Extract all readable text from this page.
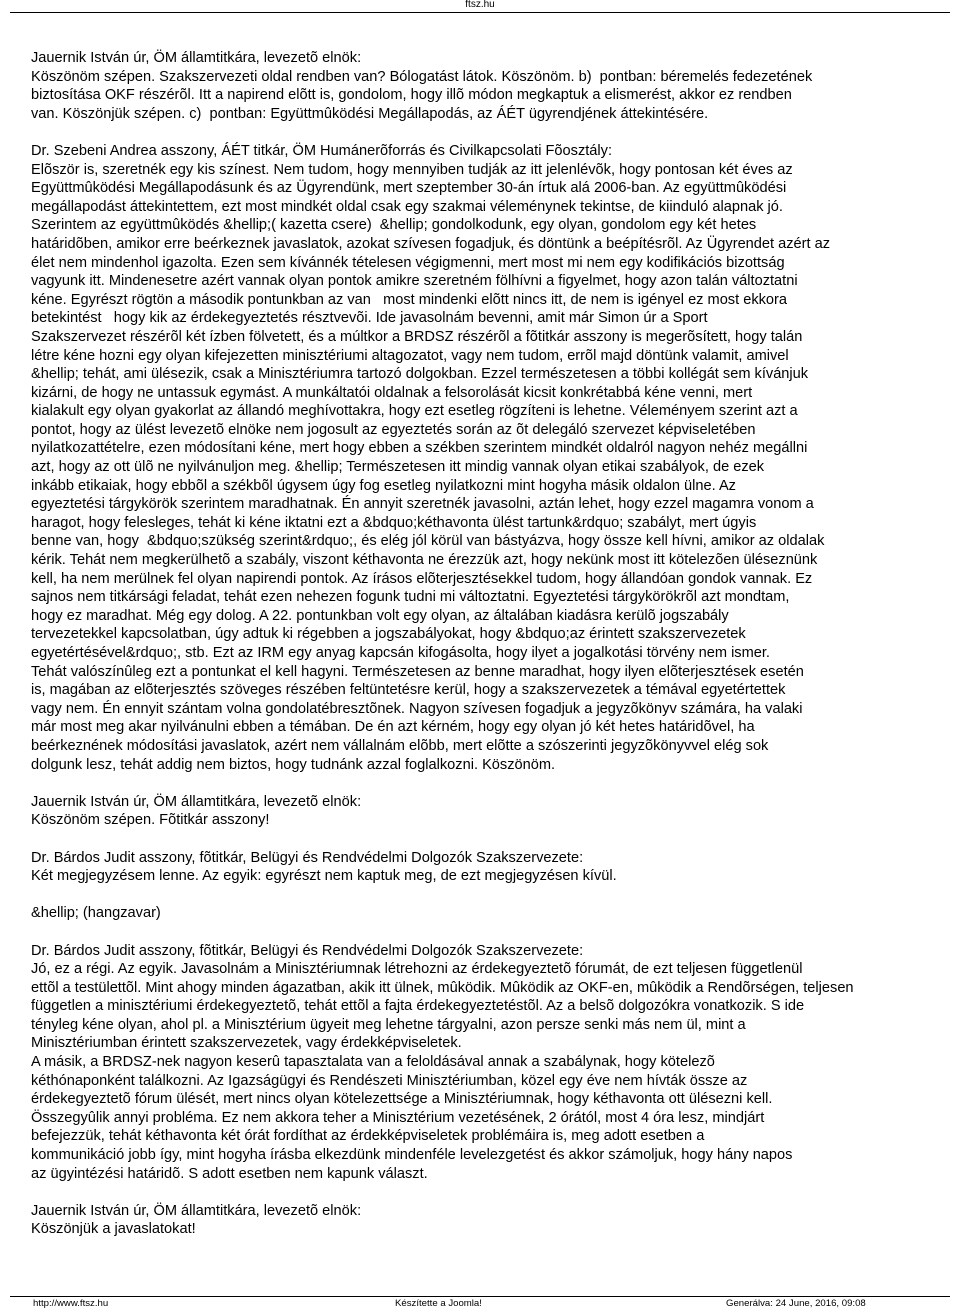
ftsz.hu

Jauernik István úr, ÖM államtitkára, levezetõ elnök:
Köszönöm szépen. Szakszervezeti oldal rendben van? Bólogatást látok. Köszönöm. b)  pontban: béremelés fedezetének
biztosítása OKF részérõl. Itt a napirend elõtt is, gondolom, hogy illõ módon megkaptuk a elismerést, akkor ez rendben
van. Köszönjük szépen. c)  pontban: Együttmûködési Megállapodás, az ÁÉT ügyrendjének áttekintésére.

Dr. Szebeni Andrea asszony, ÁÉT titkár, ÖM Humánerõforrás és Civilkapcsolati Fõosztály:
Elõször is, szeretnék egy kis színest. Nem tudom, hogy mennyiben tudják az itt jelenlévõk, hogy pontosan két éves az
Együttmûködési Megállapodásunk és az Ügyrendünk, mert szeptember 30-án írtuk alá 2006-ban. Az együttmûködési
megállapodást áttekintettem, ezt most mindkét oldal csak egy szakmai véleménynek tekintse, de kiinduló alapnak jó.
Szerintem az együttmûködés &hellip;( kazetta csere)  &hellip; gondolkodunk, egy olyan, gondolom egy két hetes
határidõben, amikor erre beérkeznek javaslatok, azokat szívesen fogadjuk, és döntünk a beépítésrõl. Az Ügyrendet azért az
élet nem mindenhol igazolta. Ezen sem kívánnék tételesen végigmenni, mert most mi nem egy kodifikációs bizottság
vagyunk itt. Mindenesetre azért vannak olyan pontok amikre szeretném fölhívni a figyelmet, hogy azon talán változtatni
kéne. Egyrészt rögtön a második pontunkban az van   most mindenki elõtt nincs itt, de nem is igényel ez most ekkora
betekintést   hogy kik az érdekegyeztetés résztvevõi. Ide javasolnám bevenni, amit már Simon úr a Sport
Szakszervezet részérõl két ízben fölvetett, és a múltkor a BRDSZ részérõl a fõtitkár asszony is megerõsített, hogy talán
létre kéne hozni egy olyan kifejezetten minisztériumi altagozatot, vagy nem tudom, errõl majd döntünk valamit, amivel
&hellip; tehát, ami ülésezik, csak a Minisztériumra tartozó dolgokban. Ezzel természetesen a többi kollégát sem kívánjuk
kizárni, de hogy ne untassuk egymást. A munkáltatói oldalnak a felsorolását kicsit konkrétabbá kéne venni, mert
kialakult egy olyan gyakorlat az állandó meghívottakra, hogy ezt esetleg rögzíteni is lehetne. Véleményem szerint azt a
pontot, hogy az ülést levezetõ elnöke nem jogosult az egyeztetés során az õt delegáló szervezet képviseletében
nyilatkozattételre, ezen módosítani kéne, mert hogy ebben a székben szerintem mindkét oldalról nagyon nehéz megállni
azt, hogy az ott ülõ ne nyilvánuljon meg. &hellip; Természetesen itt mindig vannak olyan etikai szabályok, de ezek
inkább etikaiak, hogy ebbõl a székbõl úgysem úgy fog esetleg nyilatkozni mint hogyha másik oldalon ülne. Az
egyeztetési tárgykörök szerintem maradhatnak. Én annyit szeretnék javasolni, aztán lehet, hogy ezzel magamra vonom a
haragot, hogy felesleges, tehát ki kéne iktatni ezt a &bdquo;kéthavonta ülést tartunk&rdquo; szabályt, mert úgyis
benne van, hogy  &bdquo;szükség szerint&rdquo;, és elég jól körül van bástyázva, hogy össze kell hívni, amikor az oldalak
kérik. Tehát nem megkerülhetõ a szabály, viszont kéthavonta ne érezzük azt, hogy nekünk most itt kötelezõen üléseznünk
kell, ha nem merülnek fel olyan napirendi pontok. Az írásos elõterjesztésekkel tudom, hogy állandóan gondok vannak. Ez
sajnos nem titkársági feladat, tehát ezen nehezen fogunk tudni mi változtatni. Egyeztetési tárgykörökrõl azt mondtam,
hogy ez maradhat. Még egy dolog. A 22. pontunkban volt egy olyan, az általában kiadásra kerülõ jogszabály
tervezetekkel kapcsolatban, úgy adtuk ki régebben a jogszabályokat, hogy &bdquo;az érintett szakszervezetek
egyetértésével&rdquo;, stb. Ezt az IRM egy anyag kapcsán kifogásolta, hogy ilyet a jogalkotási törvény nem ismer.
Tehát valószínûleg ezt a pontunkat el kell hagyni. Természetesen az benne maradhat, hogy ilyen elõterjesztések esetén
is, magában az elõterjesztés szöveges részében feltüntetésre kerül, hogy a szakszervezetek a témával egyetértettek
vagy nem. Én ennyit szántam volna gondolatébresztõnek. Nagyon szívesen fogadjuk a jegyzõkönyv számára, ha valaki
már most meg akar nyilvánulni ebben a témában. De én azt kérném, hogy egy olyan jó két hetes határidõvel, ha
beérkeznének módosítási javaslatok, azért nem vállalnám elõbb, mert elõtte a szószerinti jegyzõkönyvvel elég sok
dolgunk lesz, tehát addig nem biztos, hogy tudnánk azzal foglalkozni. Köszönöm.

Jauernik István úr, ÖM államtitkára, levezetõ elnök:
Köszönöm szépen. Fõtitkár asszony!

Dr. Bárdos Judit asszony, fõtitkár, Belügyi és Rendvédelmi Dolgozók Szakszervezete:
Két megjegyzésem lenne. Az egyik: egyrészt nem kaptuk meg, de ezt megjegyzésen kívül.

&hellip; (hangzavar)

Dr. Bárdos Judit asszony, fõtitkár, Belügyi és Rendvédelmi Dolgozók Szakszervezete:
Jó, ez a régi. Az egyik. Javasolnám a Minisztériumnak létrehozni az érdekegyeztetõ fórumát, de ezt teljesen függetlenül
ettõl a testülettõl. Mint ahogy minden ágazatban, akik itt ülnek, mûködik. Mûködik az OKF-en, mûködik a Rendõrségen, teljesen
független a minisztériumi érdekegyeztetõ, tehát ettõl a fajta érdekegyeztetéstõl. Az a belsõ dolgozókra vonatkozik. S ide
tényleg kéne olyan, ahol pl. a Minisztérium ügyeit meg lehetne tárgyalni, azon persze senki más nem ül, mint a
Minisztériumban érintett szakszervezetek, vagy érdekképviseletek.
A másik, a BRDSZ-nek nagyon keserû tapasztalata van a feloldásával annak a szabálynak, hogy kötelezõ
kéthónaponként találkozni. Az Igazságügyi és Rendészeti Minisztériumban, közel egy éve nem hívták össze az
érdekegyeztetõ fórum ülését, mert nincs olyan kötelezettsége a Minisztériumnak, hogy kéthavonta ott ülésezni kell.
Összegyûlik annyi probléma. Ez nem akkora teher a Minisztérium vezetésének, 2 órától, most 4 óra lesz, mindjárt
befejezzük, tehát kéthavonta két órát fordíthat az érdekképviseletek problémáira is, meg adott esetben a
kommunikáció jobb így, mint hogyha írásba elkezdünk mindenféle levelezgetést és akkor számoljuk, hogy hány napos
az ügyintézési határidõ. S adott esetben nem kapunk választ.

Jauernik István úr, ÖM államtitkára, levezetõ elnök:
Köszönjük a javaslatokat!

http://www.ftsz.hu	Készítette a Joomla!	Generálva: 24 June, 2016, 09:08
